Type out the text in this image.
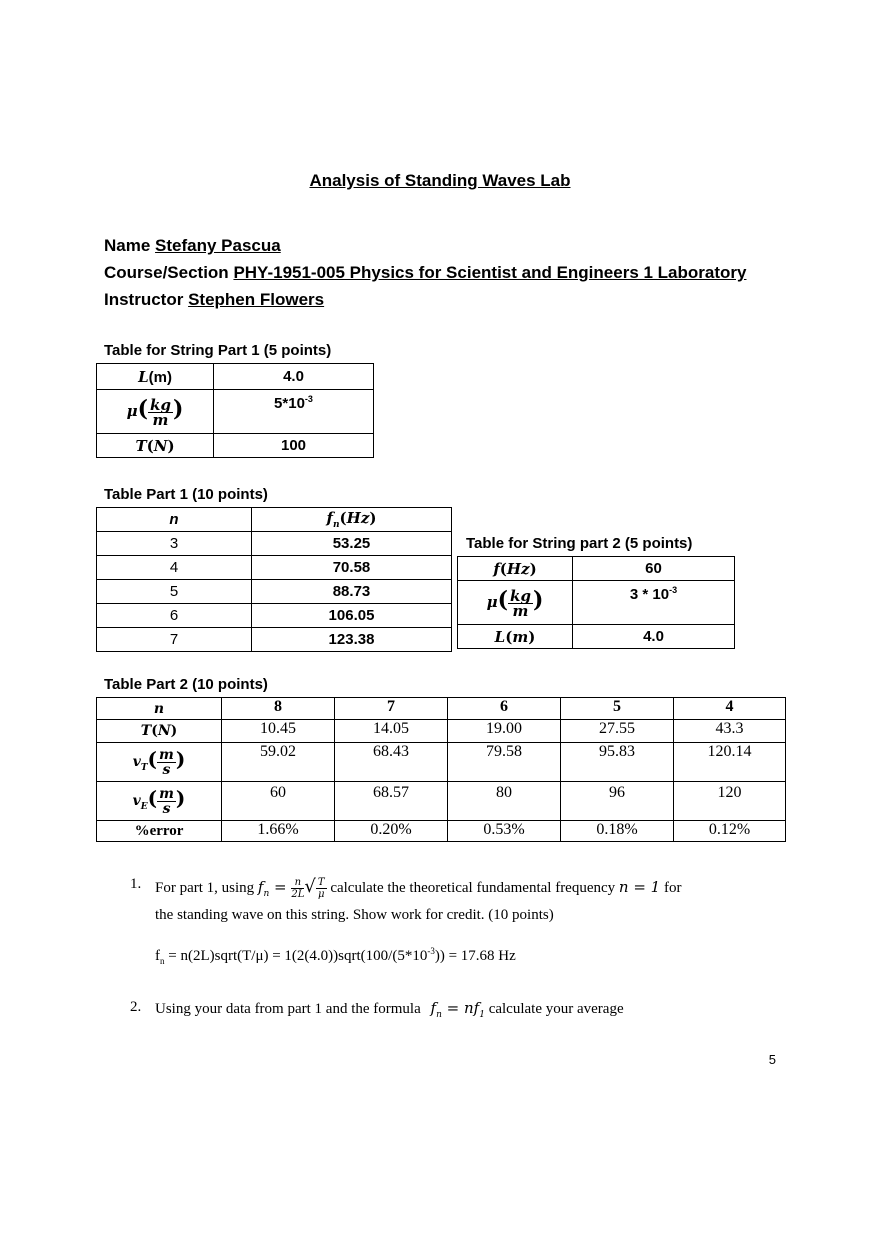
Analysis of Standing Waves Lab
Name Stefany Pascua
Course/Section PHY-1951-005 Physics for Scientist and Engineers 1 Laboratory
Instructor Stephen Flowers
Table for String Part 1 (5 points)
L(m)	4.0
$\mu( \frac{kg}{m}$ )	$5*10^{-3}$
T(N)	100
Table Part 1 (10 points)
n	$f_n(Hz)$
3	53.25
4	70.58
5	88.73
6	106.05
7	123.38
Table for String part 2 (5 points)
f(Hz)	60
$\mu( \frac{kg}{m}$ )	$3 * 10^{-3}$
L(m)	4.0
Table Part 2 (10 points)
n	8	7	6	5	4
T(N)	10.45	14.05	19.00	27.55	43.3
$v_T( \frac{m}{s}$ )	59.02	68.43	79.58	95.83	120.14
$v_E( \frac{m}{s}$ )	60	68.57	80	96	120
%error	1.66%	0.20%	0.53%	0.18%	0.12%
1. For part 1, using $f_n = \frac{n}{2L}$ √ $\frac{T}{\mu}$ calculate the theoretical fundamental frequency n = 1 for
the standing wave on this string. Show work for credit. (10 points)
$f_n$ = n(2L)sqrt(T/μ) = $1(2(4.0))sqrt(100/(5*10^{-3})) = 17.68$ Hz
2. Using your data from part 1 and the formula $f_n = nf_1$ calculate your average
5
